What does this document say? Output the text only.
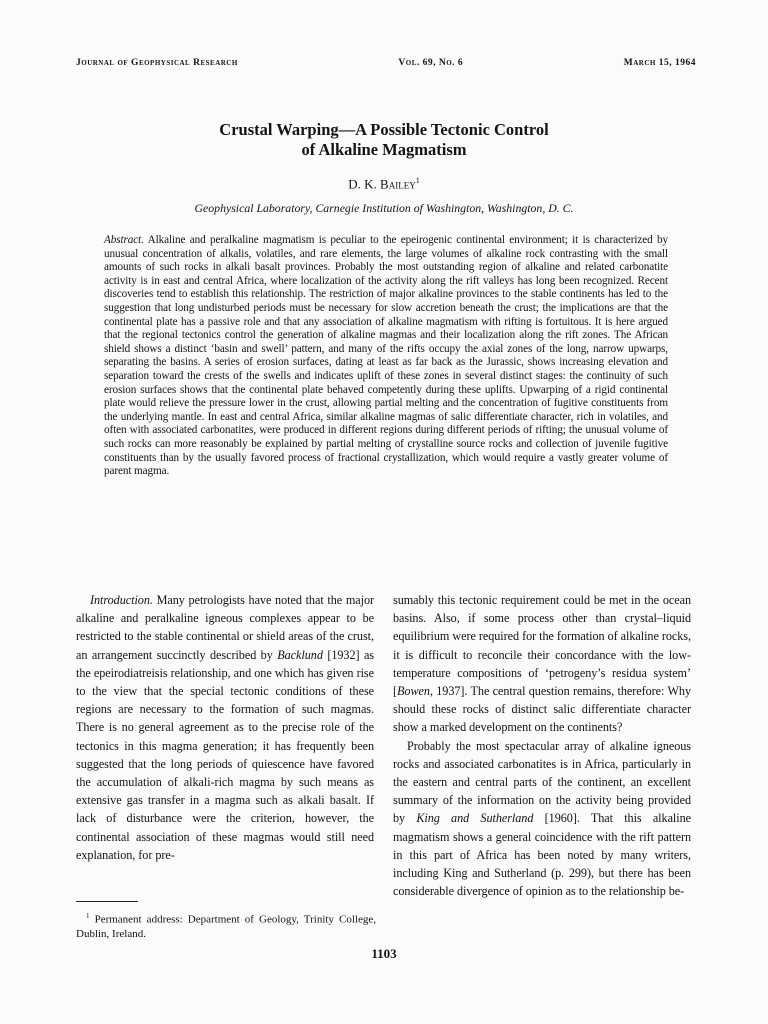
Journal of Geophysical Research	Vol. 69, No. 6	March 15, 1964
Crustal Warping—A Possible Tectonic Control
of Alkaline Magmatism
D. K. Bailey$^1$
Geophysical Laboratory, Carnegie Institution of Washington, Washington, D. C.
Abstract. Alkaline and peralkaline magmatism is peculiar to the epeirogenic continental environment; it is characterized by unusual concentration of alkalis, volatiles, and rare elements, the large volumes of alkaline rock contrasting with the small amounts of such rocks in alkali basalt provinces. Probably the most outstanding region of alkaline and related carbonatite activity is in east and central Africa, where localization of the activity along the rift valleys has long been recognized. Recent discoveries tend to establish this relationship. The restriction of major alkaline provinces to the stable continents has led to the suggestion that long undisturbed periods must be necessary for slow accretion beneath the crust; the implications are that the continental plate has a passive role and that any association of alkaline magmatism with rifting is fortuitous. It is here argued that the regional tectonics control the generation of alkaline magmas and their localization along the rift zones. The African shield shows a distinct ‘basin and swell’ pattern, and many of the rifts occupy the axial zones of the long, narrow upwarps, separating the basins. A series of erosion surfaces, dating at least as far back as the Jurassic, shows increasing elevation and separation toward the crests of the swells and indicates uplift of these zones in several distinct stages: the continuity of such erosion surfaces shows that the continental plate behaved competently during these uplifts. Upwarping of a rigid continental plate would relieve the pressure lower in the crust, allowing partial melting and the concentration of fugitive constituents from the underlying mantle. In east and central Africa, similar alkaline magmas of salic differentiate character, rich in volatiles, and often with associated carbonatites, were produced in different regions during different periods of rifting; the unusual volume of such rocks can more reasonably be explained by partial melting of crystalline source rocks and collection of juvenile fugitive constituents than by the usually favored process of fractional crystallization, which would require a vastly greater volume of parent magma.

Introduction. Many petrologists have noted that the major alkaline and peralkaline igneous complexes appear to be restricted to the stable continental or shield areas of the crust, an arrangement succinctly described by Backlund [1932] as the epeirodiatreisis relationship, and one which has given rise to the view that the special tectonic conditions of these regions are necessary to the formation of such magmas. There is no general agreement as to the precise role of the tectonics in this magma generation; it has frequently been suggested that the long periods of quiescence have favored the accumulation of alkali-rich magma by such means as extensive gas transfer in a magma such as alkali basalt. If lack of disturbance were the criterion, however, the continental association of these magmas would still need explanation, for pre-

sumably this tectonic requirement could be met in the ocean basins. Also, if some process other than crystal–liquid equilibrium were required for the formation of alkaline rocks, it is difficult to reconcile their concordance with the low-temperature compositions of ‘petrogeny’s residua system’ [Bowen, 1937]. The central question remains, therefore: Why should these rocks of distinct salic differentiate character show a marked development on the continents?

Probably the most spectacular array of alkaline igneous rocks and associated carbonatites is in Africa, particularly in the eastern and central parts of the continent, an excellent summary of the information on the activity being provided by King and Sutherland [1960]. That this alkaline magmatism shows a general coincidence with the rift pattern in this part of Africa has been noted by many writers, including King and Sutherland (p. 299), but there has been considerable divergence of opinion as to the relationship be-

$^1$ Permanent address: Department of Geology, Trinity College, Dublin, Ireland.
1103
